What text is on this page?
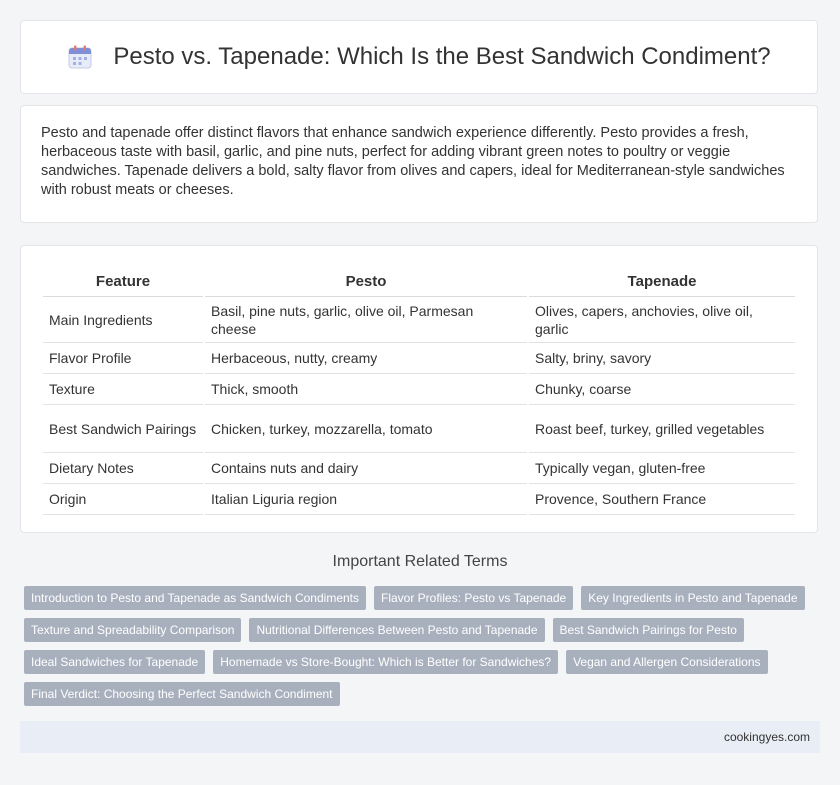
Pesto vs. Tapenade: Which Is the Best Sandwich Condiment?

Pesto and tapenade offer distinct flavors that enhance sandwich experience differently. Pesto provides a fresh, herbaceous taste with basil, garlic, and pine nuts, perfect for adding vibrant green notes to poultry or veggie sandwiches. Tapenade delivers a bold, salty flavor from olives and capers, ideal for Mediterranean-style sandwiches with robust meats or cheeses.

Feature	Pesto	Tapenade
Main Ingredients	Basil, pine nuts, garlic, olive oil, Parmesan cheese	Olives, capers, anchovies, olive oil, garlic
Flavor Profile	Herbaceous, nutty, creamy	Salty, briny, savory
Texture	Thick, smooth	Chunky, coarse
Best Sandwich Pairings	Chicken, turkey, mozzarella, tomato	Roast beef, turkey, grilled vegetables
Dietary Notes	Contains nuts and dairy	Typically vegan, gluten-free
Origin	Italian Liguria region	Provence, Southern France
Important Related Terms
Introduction to Pesto and Tapenade as Sandwich Condiments	Flavor Profiles: Pesto vs Tapenade	Key Ingredients in Pesto and Tapenade
Texture and Spreadability Comparison	Nutritional Differences Between Pesto and Tapenade	Best Sandwich Pairings for Pesto
Ideal Sandwiches for Tapenade	Homemade vs Store-Bought: Which is Better for Sandwiches?	Vegan and Allergen Considerations
Final Verdict: Choosing the Perfect Sandwich Condiment
cookingyes.com
